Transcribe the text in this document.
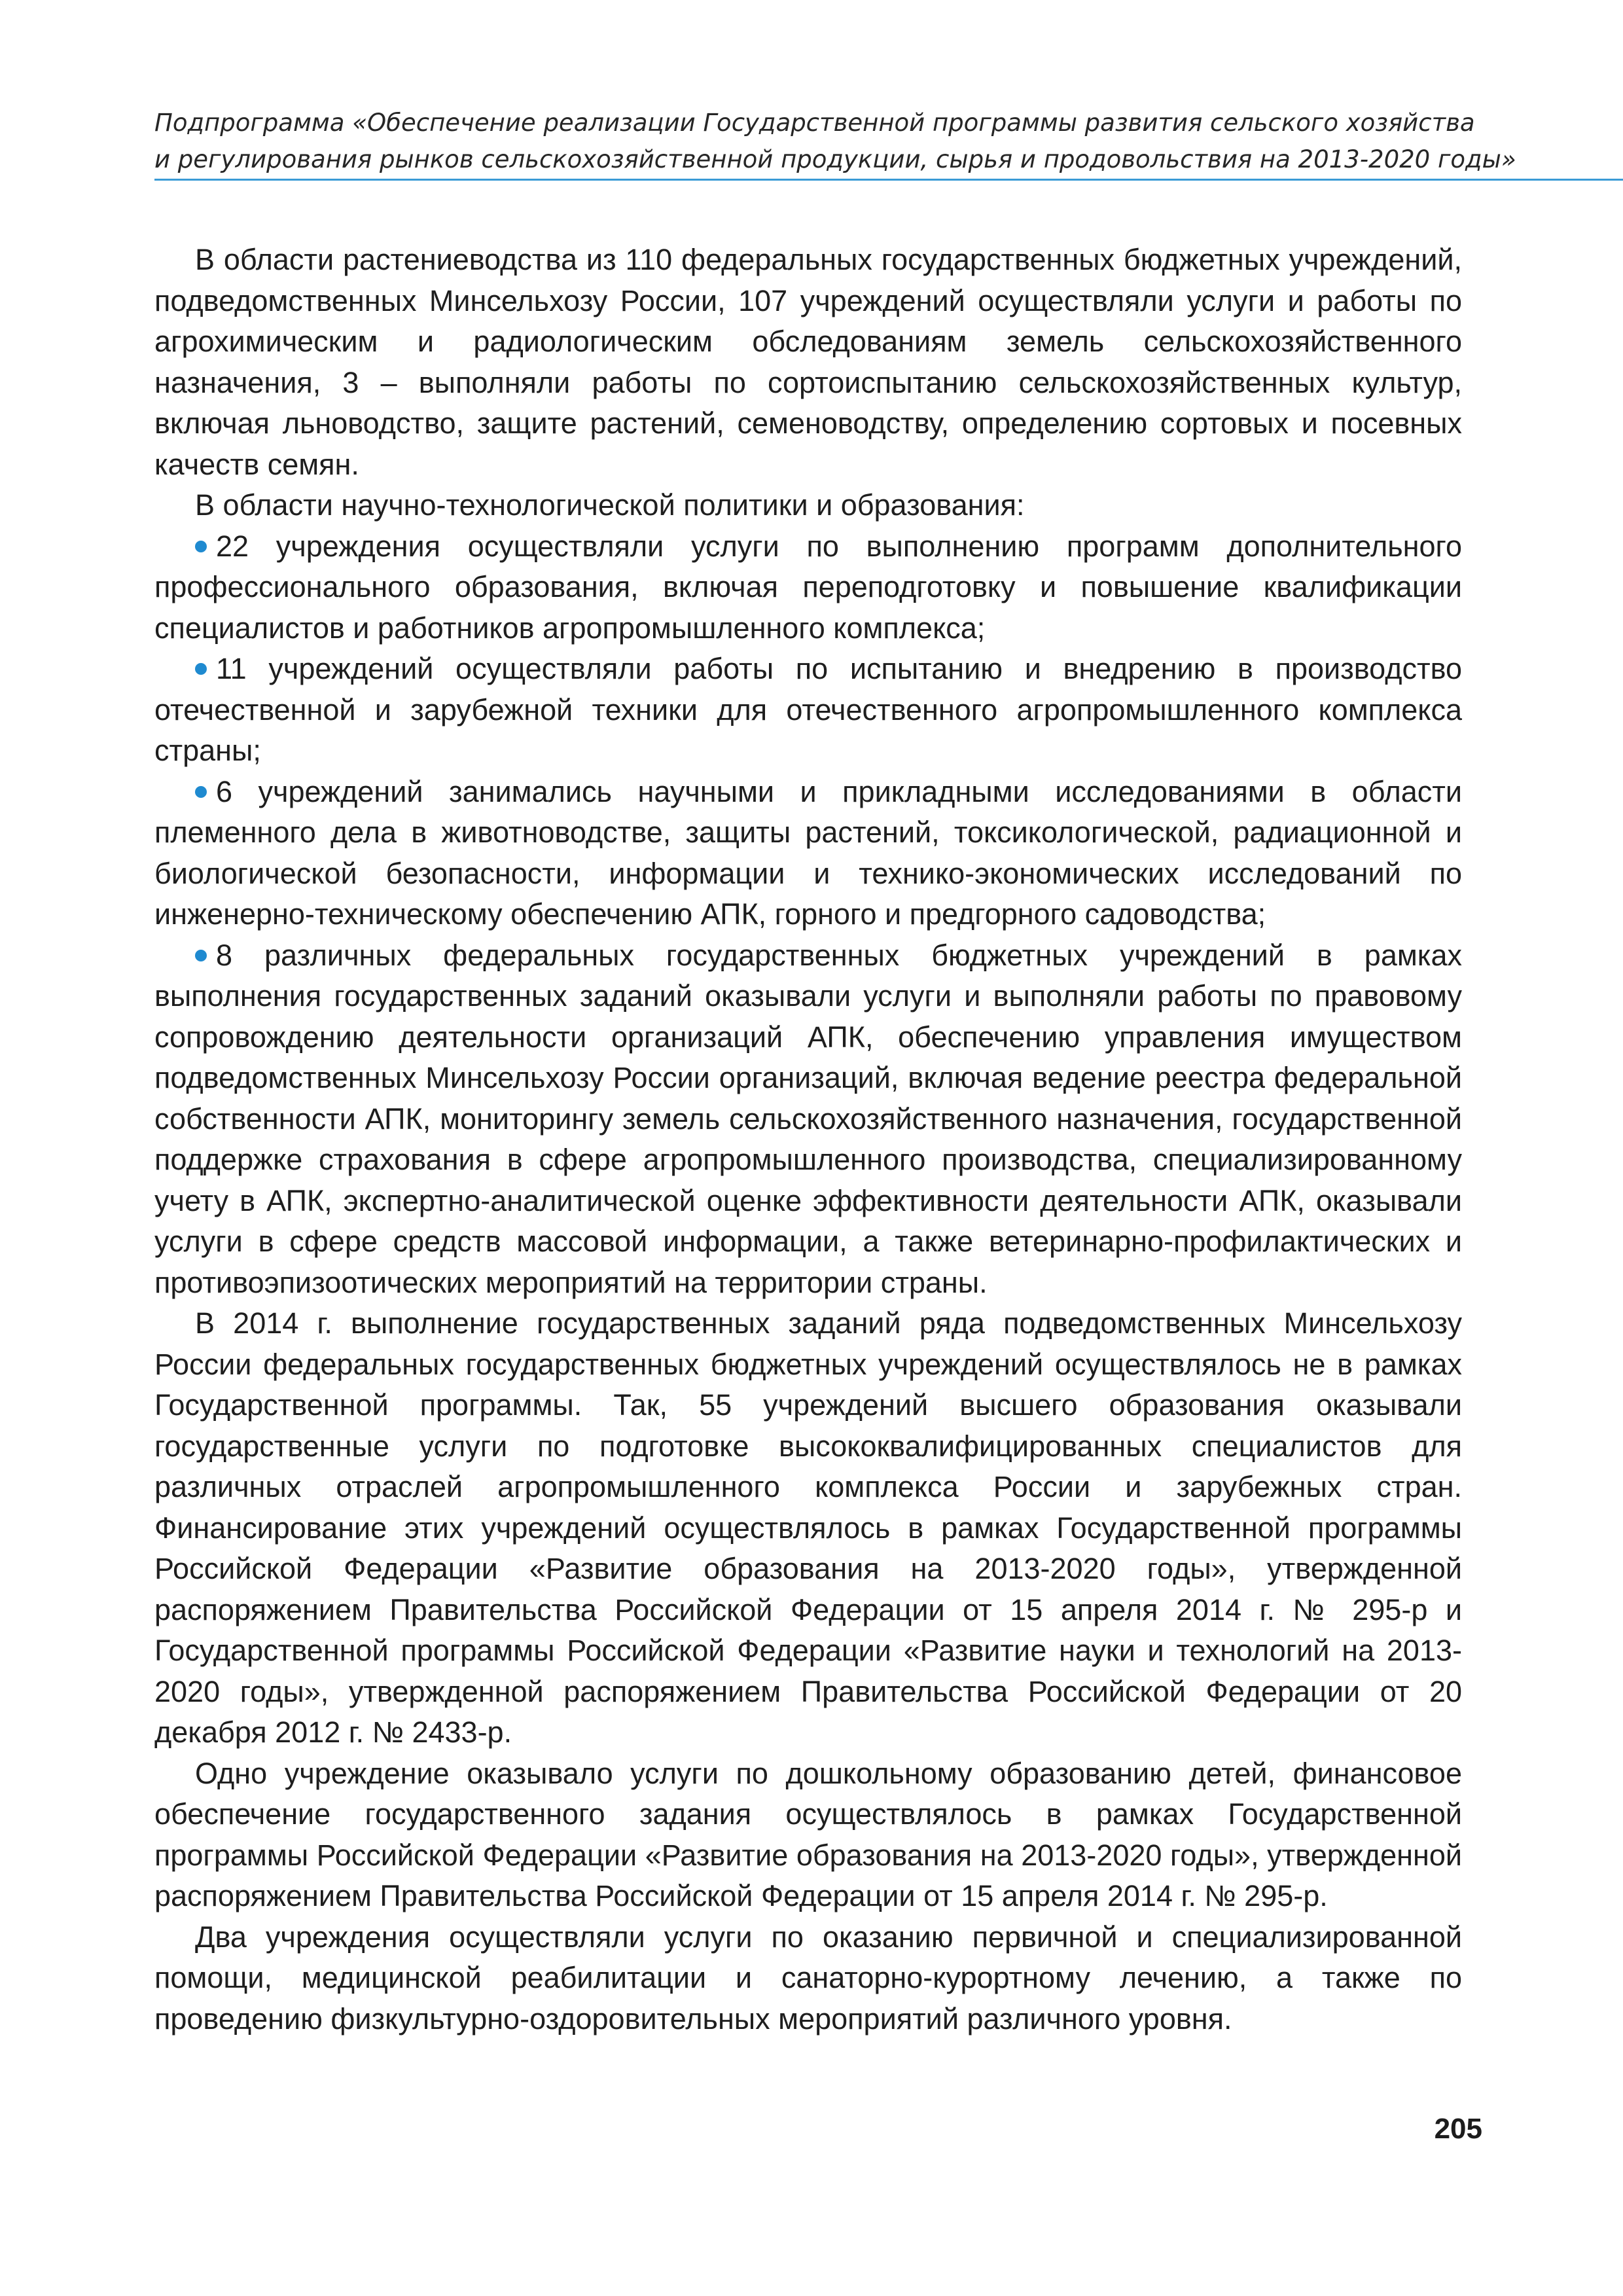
Подпрограмма «Обеспечение реализации Государственной программы развития сельского хозяйства
и регулирования рынков сельскохозяйственной продукции, сырья и продовольствия на 2013-2020 годы»

В области растениеводства из 110 федеральных государственных бюджетных учреждений, подведомственных Минсельхозу России, 107 учреждений осуществляли услуги и работы по агрохимическим и радиологическим обследованиям земель сельскохозяйственного назначения, 3 – выполняли работы по сортоиспытанию сельскохозяйственных культур, включая льноводство, защите растений, семеноводству, определению сортовых и посевных качеств семян.

В области научно-технологической политики и образования:

22 учреждения осуществляли услуги по выполнению программ дополнительного профессионального образования, включая переподготовку и повышение квалификации специалистов и работников агропромышленного комплекса;

11 учреждений осуществляли работы по испытанию и внедрению в производство отечественной и зарубежной техники для отечественного агропромышленного комплекса страны;

6 учреждений занимались научными и прикладными исследованиями в области племенного дела в животноводстве, защиты растений, токсикологической, радиационной и биологической безопасности, информации и технико-экономических исследований по инженерно-техническому обеспечению АПК, горного и предгорного садоводства;

8 различных федеральных государственных бюджетных учреждений в рамках выполнения государственных заданий оказывали услуги и выполняли работы по правовому сопровождению деятельности организаций АПК, обеспечению управления имуществом подведомственных Минсельхозу России организаций, включая ведение реестра федеральной собственности АПК, мониторингу земель сельскохозяйственного назначения, государственной поддержке страхования в сфере агропромышленного производства, специализированному учету в АПК, экспертно-аналитической оценке эффективности деятельности АПК, оказывали услуги в сфере средств массовой информации, а также ветеринарно-профилактических и противоэпизоотических мероприятий на территории страны.

В 2014 г. выполнение государственных заданий ряда подведомственных Минсельхозу России федеральных государственных бюджетных учреждений осуществлялось не в рамках Государственной программы. Так, 55 учреждений высшего образования оказывали государственные услуги по подготовке высококвалифицированных специалистов для различных отраслей агропромышленного комплекса России и зарубежных стран. Финансирование этих учреждений осуществлялось в рамках Государственной программы Российской Федерации «Развитие образования на 2013-2020 годы», утвержденной распоряжением Правительства Российской Федерации от 15 апреля 2014 г. № 295-р и Государственной программы Российской Федерации «Развитие науки и технологий на 2013-2020 годы», утвержденной распоряжением Правительства Российской Федерации от 20 декабря 2012 г. № 2433-р.

Одно учреждение оказывало услуги по дошкольному образованию детей, финансовое обеспечение государственного задания осуществлялось в рамках Государственной программы Российской Федерации «Развитие образования на 2013-2020 годы», утвержденной распоряжением Правительства Российской Федерации от 15 апреля 2014 г. № 295-р.

Два учреждения осуществляли услуги по оказанию первичной и специализированной помощи, медицинской реабилитации и санаторно-курортному лечению, а также по проведению физкультурно-оздоровительных мероприятий различного уровня.

205
